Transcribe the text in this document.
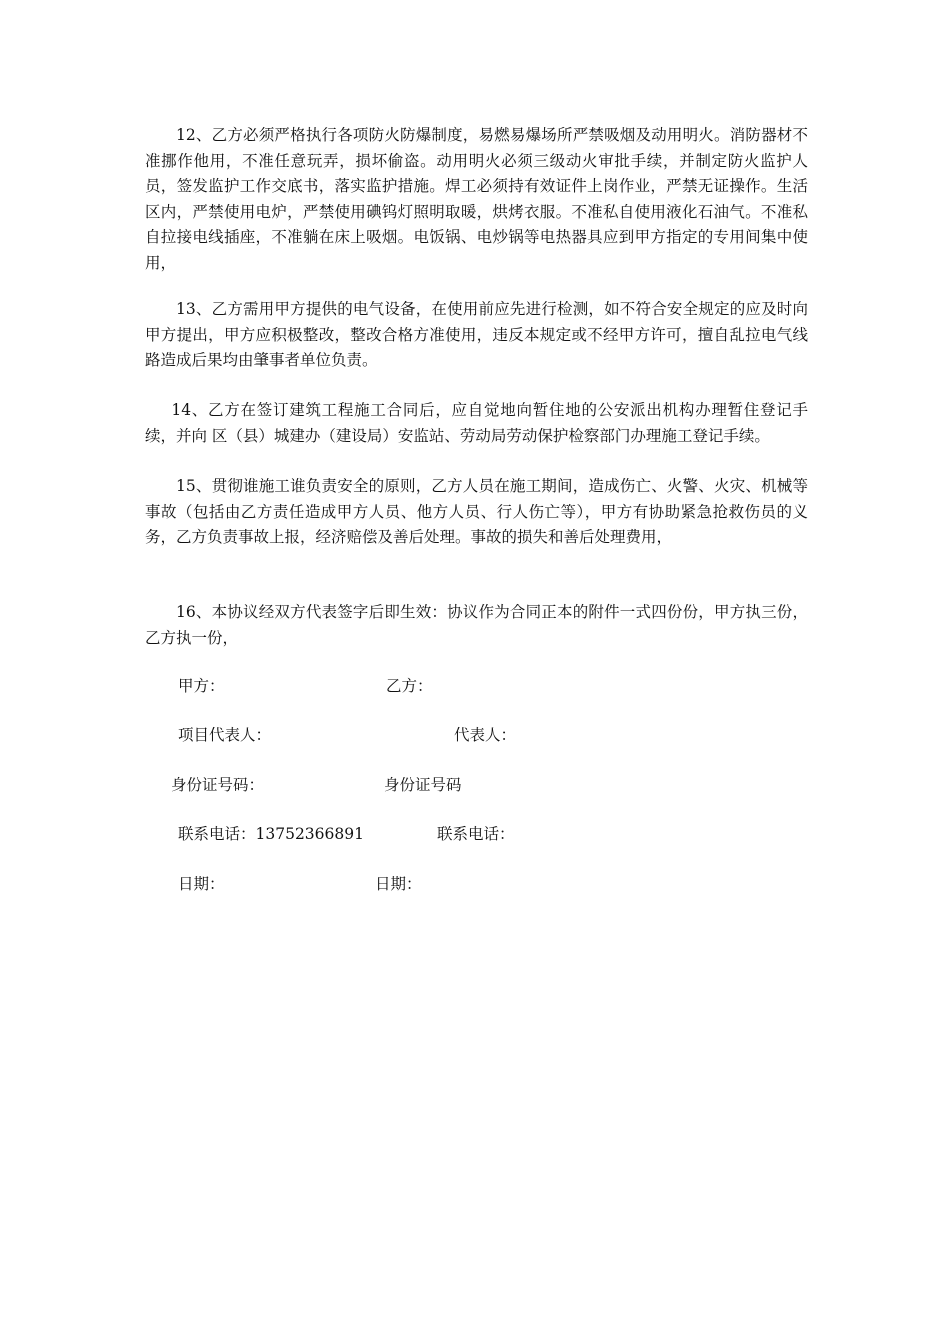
12、乙方必须严格执行各项防火防爆制度，易燃易爆场所严禁吸烟及动用明火。消防器材不准挪作他用，不准任意玩弄，损坏偷盗。动用明火必须三级动火审批手续，并制定防火监护人员，签发监护工作交底书，落实监护措施。焊工必须持有效证件上岗作业，严禁无证操作。生活区内，严禁使用电炉，严禁使用碘钨灯照明取暖，烘烤衣服。不准私自使用液化石油气。不准私自拉接电线插座，不准躺在床上吸烟。电饭锅、电炒锅等电热器具应到甲方指定的专用间集中使用，

13、乙方需用甲方提供的电气设备，在使用前应先进行检测，如不符合安全规定的应及时向甲方提出，甲方应积极整改，整改合格方准使用，违反本规定或不经甲方许可，擅自乱拉电气线路造成后果均由肇事者单位负责。

14、乙方在签订建筑工程施工合同后，应自觉地向暂住地的公安派出机构办理暂住登记手续，并向 区（县）城建办（建设局）安监站、劳动局劳动保护检察部门办理施工登记手续。

15、贯彻谁施工谁负责安全的原则，乙方人员在施工期间，造成伤亡、火警、火灾、机械等事故（包括由乙方责任造成甲方人员、他方人员、行人伤亡等），甲方有协助紧急抢救伤员的义务，乙方负责事故上报，经济赔偿及善后处理。事故的损失和善后处理费用，

16、本协议经双方代表签字后即生效：协议作为合同正本的附件一式四份份，甲方执三份，乙方执一份，

甲方：	乙方：
项目代表人：	代表人：
身份证号码：	身份证号码
联系电话：13752366891	联系电话：
日期：	日期：
